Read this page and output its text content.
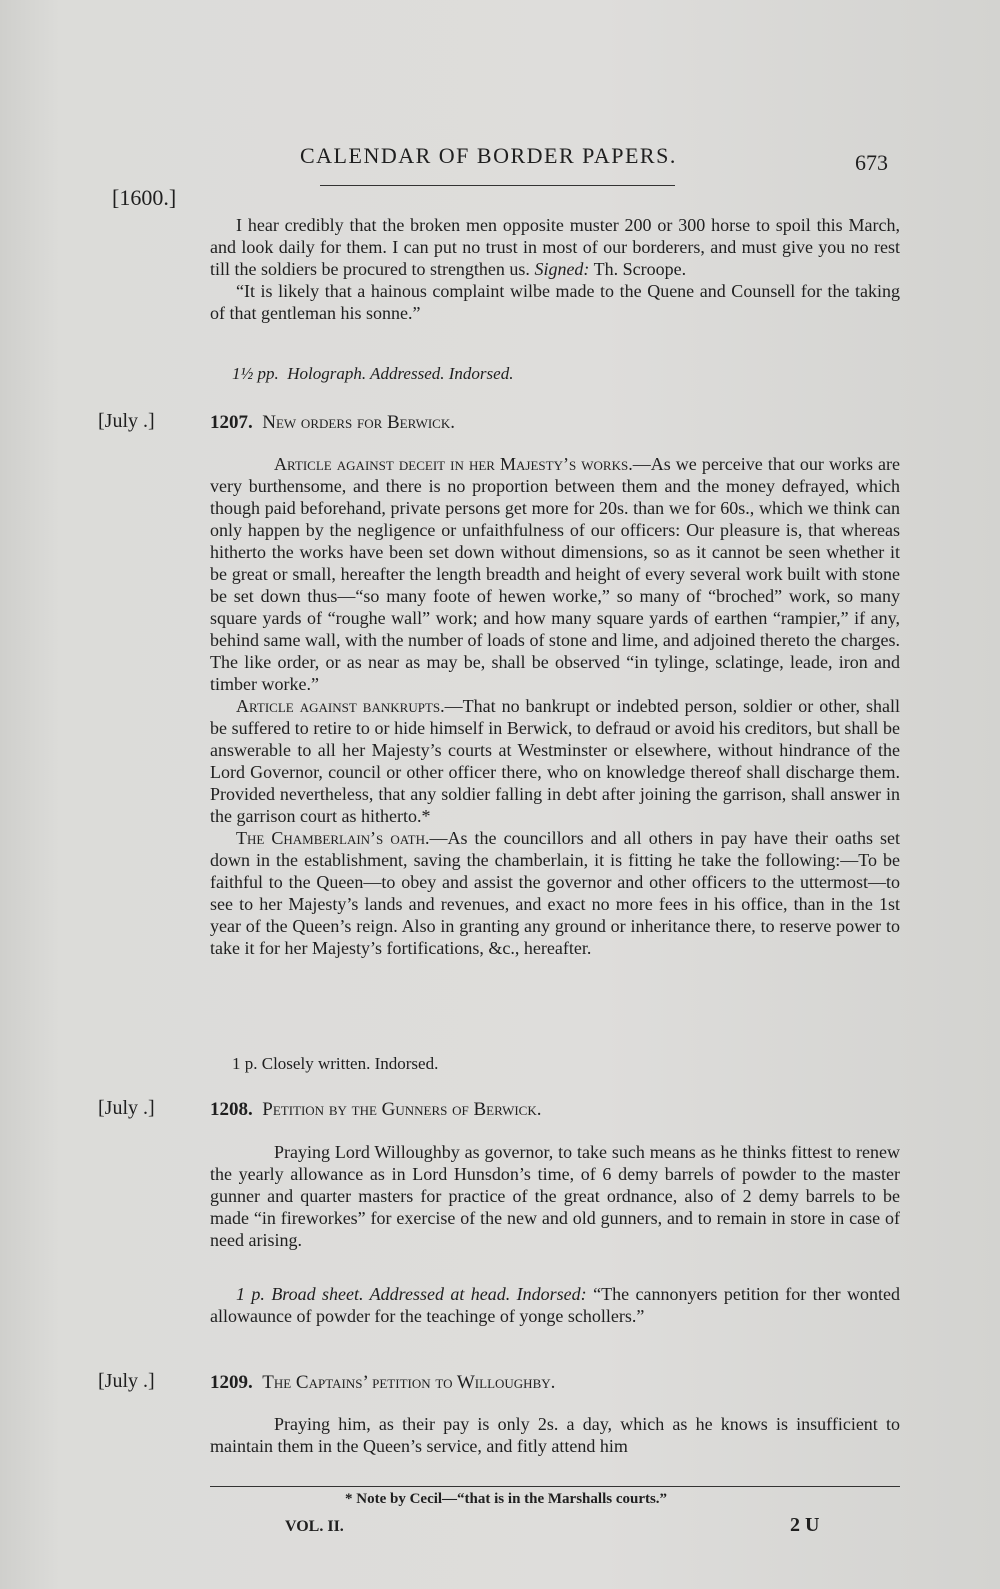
CALENDAR OF BORDER PAPERS.	673
[1600.]

I hear credibly that the broken men opposite muster 200 or 300 horse to spoil this March, and look daily for them. I can put no trust in most of our borderers, and must give you no rest till the soldiers be procured to strengthen us. Signed: Th. Scroope.

“It is likely that a hainous complaint wilbe made to the Quene and Counsell for the taking of that gentleman his sonne.”

1½ pp. Holograph. Addressed. Indorsed.
[July .]	1207. New orders for Berwick.

Article against deceit in her Majesty’s works.—As we perceive that our works are very burthensome, and there is no proportion between them and the money defrayed, which though paid beforehand, private persons get more for 20s. than we for 60s., which we think can only happen by the negligence or unfaithfulness of our officers: Our pleasure is, that whereas hitherto the works have been set down without dimensions, so as it cannot be seen whether it be great or small, hereafter the length breadth and height of every several work built with stone be set down thus—“so many foote of hewen worke,” so many of “broched” work, so many square yards of “roughe wall” work; and how many square yards of earthen “rampier,” if any, behind same wall, with the number of loads of stone and lime, and adjoined thereto the charges. The like order, or as near as may be, shall be observed “in tylinge, sclatinge, leade, iron and timber worke.”

Article against bankrupts.—That no bankrupt or indebted person, soldier or other, shall be suffered to retire to or hide himself in Berwick, to defraud or avoid his creditors, but shall be answerable to all her Majesty’s courts at Westminster or elsewhere, without hindrance of the Lord Governor, council or other officer there, who on knowledge thereof shall discharge them. Provided nevertheless, that any soldier falling in debt after joining the garrison, shall answer in the garrison court as hitherto.*

The Chamberlain’s oath.—As the councillors and all others in pay have their oaths set down in the establishment, saving the chamberlain, it is fitting he take the following:—To be faithful to the Queen—to obey and assist the governor and other officers to the uttermost—to see to her Majesty’s lands and revenues, and exact no more fees in his office, than in the 1st year of the Queen’s reign. Also in granting any ground or inheritance there, to reserve power to take it for her Majesty’s fortifications, &c., hereafter.

1 p. Closely written. Indorsed.
[July .]	1208. Petition by the Gunners of Berwick.

Praying Lord Willoughby as governor, to take such means as he thinks fittest to renew the yearly allowance as in Lord Hunsdon’s time, of 6 demy barrels of powder to the master gunner and quarter masters for practice of the great ordnance, also of 2 demy barrels to be made “in fireworkes” for exercise of the new and old gunners, and to remain in store in case of need arising.

1 p. Broad sheet. Addressed at head. Indorsed: “The cannonyers petition for ther wonted allowaunce of powder for the teachinge of yonge schollers.”

[July .]	1209. The Captains’ petition to Willoughby.

Praying him, as their pay is only 2s. a day, which as he knows is insufficient to maintain them in the Queen’s service, and fitly attend him

* Note by Cecil—“that is in the Marshalls courts.”
VOL. II.	2 U
